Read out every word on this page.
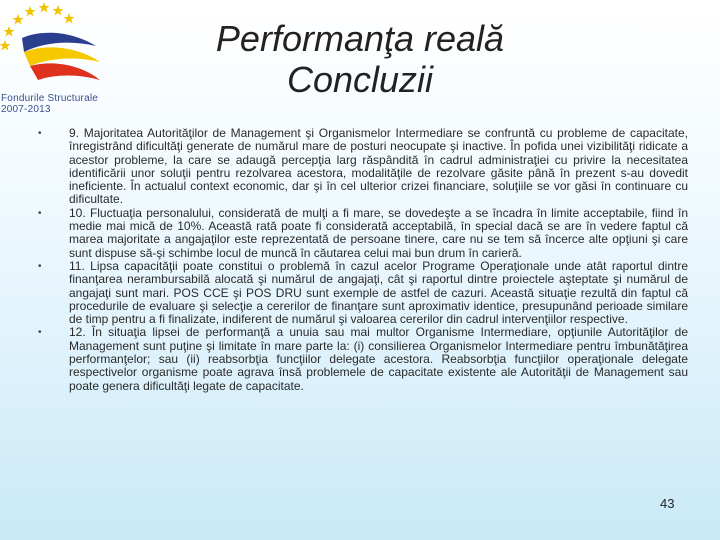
Fondurile Structurale
2007-2013
Performanţa reală
Concluzii
• 9. Majoritatea Autorităţilor de Management şi Organismelor Intermediare se confruntă cu probleme de capacitate, înregistrând dificultăţi generate de numărul mare de posturi neocupate şi inactive. În pofida unei vizibilităţi ridicate a acestor probleme, la care se adaugă percepţia larg răspândită în cadrul administraţiei cu privire la necesitatea identificării unor soluţii pentru rezolvarea acestora, modalităţile de rezolvare găsite până în prezent s-au dovedit ineficiente. În actualul context economic, dar şi în cel ulterior crizei financiare, soluţiile se vor găsi în continuare cu dificultate.
• 10. Fluctuaţia personalului, considerată de mulţi a fi mare, se dovedeşte a se încadra în limite acceptabile, fiind în medie mai mică de 10%. Această rată poate fi considerată acceptabilă, în special dacă se are în vedere faptul că marea majoritate a angajaţilor este reprezentată de persoane tinere, care nu se tem să încerce alte opţiuni şi care sunt dispuse să-şi schimbe locul de muncă în căutarea celui mai bun drum în carieră.
• 11. Lipsa capacităţii poate constitui o problemă în cazul acelor Programe Operaţionale unde atât raportul dintre finanţarea nerambursabilă alocată şi numărul de angajaţi, cât şi raportul dintre proiectele aşteptate şi numărul de angajaţi sunt mari. POS CCE şi POS DRU sunt exemple de astfel de cazuri. Această situaţie rezultă din faptul că procedurile de evaluare şi selecţie a cererilor de finanţare sunt aproximativ identice, presupunând perioade similare de timp pentru a fi finalizate, indiferent de numărul şi valoarea cererilor din cadrul intervenţiilor respective.
• 12. În situaţia lipsei de performanţă a unuia sau mai multor Organisme Intermediare, opţiunile Autorităţilor de Management sunt puţine şi limitate în mare parte la: (i) consilierea Organismelor Intermediare pentru îmbunătăţirea performanţelor; sau (ii) reabsorbţia funcţiilor delegate acestora. Reabsorbţia funcţiilor operaţionale delegate respectivelor organisme poate agrava însă problemele de capacitate existente ale Autorităţii de Management sau poate genera dificultăţi legate de capacitate.
43
